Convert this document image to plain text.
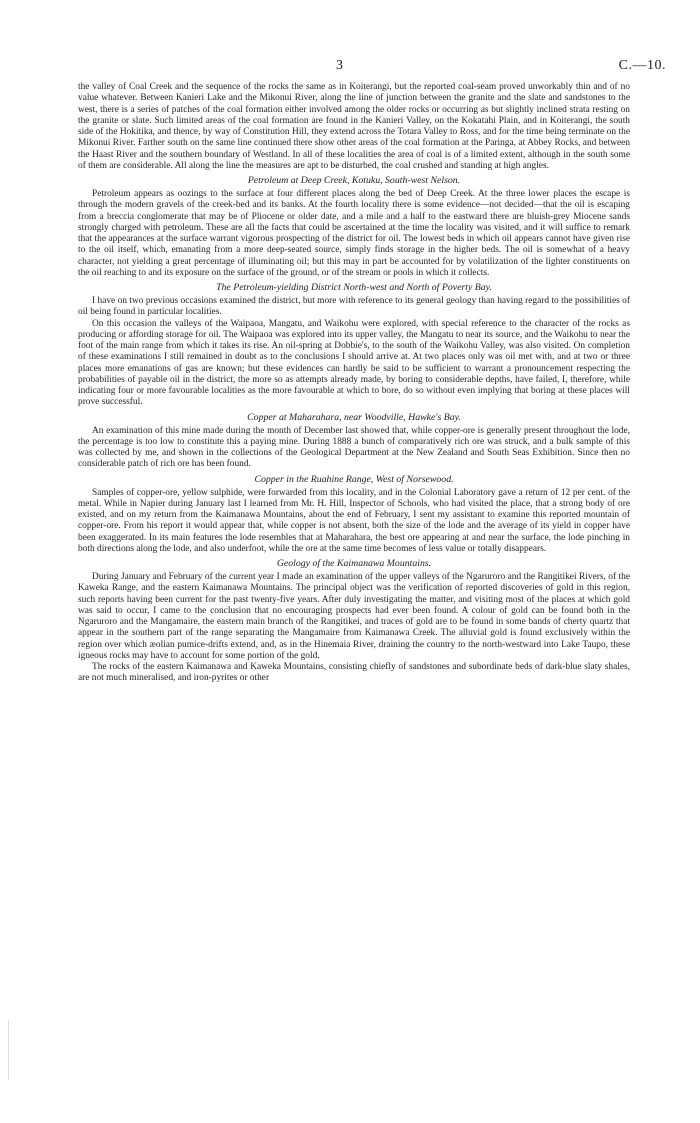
3	C.—10.

the valley of Coal Creek and the sequence of the rocks the same as in Koiterangi, but the reported coal-seam proved unworkably thin and of no value whatever. Between Kanieri Lake and the Mikonui River, along the line of junction between the granite and the slate and sandstones to the west, there is a series of patches of the coal formation either involved among the older rocks or occurring as but slightly inclined strata resting on the granite or slate. Such limited areas of the coal formation are found in the Kanieri Valley, on the Kokatahi Plain, and in Koiterangi, the south side of the Hokitika, and thence, by way of Constitution Hill, they extend across the Totara Valley to Ross, and for the time being terminate on the Mikonui River. Farther south on the same line continued there show other areas of the coal formation at the Paringa, at Abbey Rocks, and between the Haast River and the southern boundary of Westland. In all of these localities the area of coal is of a limited extent, although in the south some of them are considerable. All along the line the measures are apt to be disturbed, the coal crushed and standing at high angles.

Petroleum at Deep Creek, Kotuku, South-west Nelson.

Petroleum appears as oozings to the surface at four different places along the bed of Deep Creek. At the three lower places the escape is through the modern gravels of the creek-bed and its banks. At the fourth locality there is some evidence—not decided—that the oil is escaping from a breccia conglomerate that may be of Pliocene or older date, and a mile and a half to the eastward there are bluish-grey Miocene sands strongly charged with petroleum. These are all the facts that could be ascertained at the time the locality was visited, and it will suffice to remark that the appearances at the surface warrant vigorous prospecting of the district for oil. The lowest beds in which oil appears cannot have given rise to the oil itself, which, emanating from a more deep-seated source, simply finds storage in the higher beds. The oil is somewhat of a heavy character, not yielding a great percentage of illuminating oil; but this may in part be accounted for by volatilization of the lighter constituents on the oil reaching to and its exposure on the surface of the ground, or of the stream or pools in which it collects.

The Petroleum-yielding District North-west and North of Poverty Bay.

I have on two previous occasions examined the district, but more with reference to its general geology than having regard to the possibilities of oil being found in particular localities.

On this occasion the valleys of the Waipaoa, Mangatu, and Waikohu were explored, with special reference to the character of the rocks as producing or affording storage for oil. The Waipaoa was explored into its upper valley, the Mangatu to near its source, and the Waikohu to near the foot of the main range from which it takes its rise. An oil-spring at Dobbie's, to the south of the Waikohu Valley, was also visited. On completion of these examinations I still remained in doubt as to the conclusions I should arrive at. At two places only was oil met with, and at two or three places more emanations of gas are known; but these evidences can hardly be said to be sufficient to warrant a pronouncement respecting the probabilities of payable oil in the district, the more so as attempts already made, by boring to considerable depths, have failed, I, therefore, while indicating four or more favourable localities as the more favourable at which to bore, do so without even implying that boring at these places will prove successful.

Copper at Maharahara, near Woodville, Hawke's Bay.

An examination of this mine made during the month of December last showed that, while copper-ore is generally present throughout the lode, the percentage is too low to constitute this a paying mine. During 1888 a bunch of comparatively rich ore was struck, and a bulk sample of this was collected by me, and shown in the collections of the Geological Department at the New Zealand and South Seas Exhibition. Since then no considerable patch of rich ore has been found.

Copper in the Ruahine Range, West of Norsewood.

Samples of copper-ore, yellow sulphide, were forwarded from this locality, and in the Colonial Laboratory gave a return of 12 per cent. of the metal. While in Napier during January last I learned from Mr. H. Hill, Inspector of Schools, who had visited the place, that a strong body of ore existed, and on my return from the Kaimanawa Mountains, about the end of February, I sent my assistant to examine this reported mountain of copper-ore. From his report it would appear that, while copper is not absent, both the size of the lode and the average of its yield in copper have been exaggerated. In its main features the lode resembles that at Maharahara, the best ore appearing at and near the surface, the lode pinching in both directions along the lode, and also underfoot, while the ore at the same time becomes of less value or totally disappears.

Geology of the Kaimanawa Mountains.

During January and February of the current year I made an examination of the upper valleys of the Ngaruroro and the Rangitikei Rivers, of the Kaweka Range, and the eastern Kaimanawa Mountains. The principal object was the verification of reported discoveries of gold in this region, such reports having been current for the past twenty-five years. After duly investigating the matter, and visiting most of the places at which gold was said to occur, I came to the conclusion that no encouraging prospects had ever been found. A colour of gold can be found both in the Ngaruroro and the Mangamaire, the eastern main branch of the Rangitikei, and traces of gold are to be found in some bands of cherty quartz that appear in the southern part of the range separating the Mangamaire from Kaimanawa Creek. The alluvial gold is found exclusively within the region over which æolian pumice-drifts extend, and, as in the Hinemaia River, draining the country to the north-westward into Lake Taupo, these igneous rocks may have to account for some portion of the gold.

The rocks of the eastern Kaimanawa and Kaweka Mountains, consisting chiefly of sandstones and subordinate beds of dark-blue slaty shales, are not much mineralised, and iron-pyrites or other
